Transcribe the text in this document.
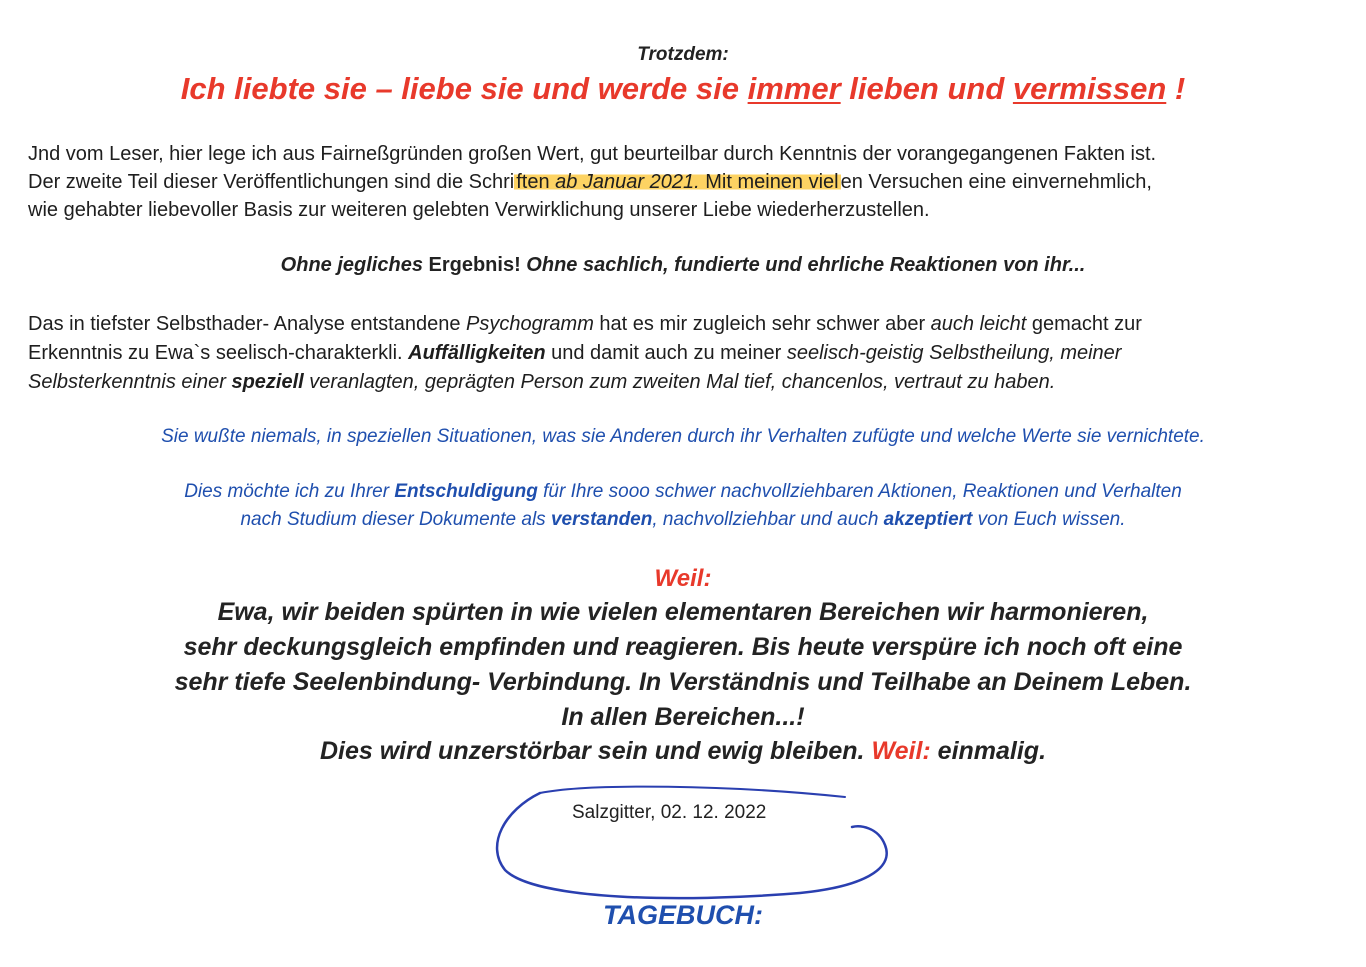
Trotzdem:

Ich liebte sie – liebe sie und werde sie immer lieben und vermissen !

Jnd vom Leser, hier lege ich aus Fairneßgründen großen Wert, gut beurteilbar durch Kenntnis der vorangegangenen Fakten ist.

Der zweite Teil dieser Veröffentlichungen sind die Schri ften ab Januar 2021. Mit meinen viel en Versuchen eine einvernehmlich,

wie gehabter liebevoller Basis zur weiteren gelebten Verwirklichung unserer Liebe wiederherzustellen.

Ohne jegliches Ergebnis! Ohne sachlich, fundierte und ehrliche Reaktionen von ihr...

Das in tiefster Selbsthader- Analyse entstandene Psychogramm hat es mir zugleich sehr schwer aber auch leicht gemacht zur

Erkenntnis zu Ewa`s seelisch-charakterkli. Auffälligkeiten und damit auch zu meiner seelisch-geistig Selbstheilung, meiner

Selbsterkenntnis einer speziell veranlagten, geprägten Person zum zweiten Mal tief, chancenlos, vertraut zu haben.

Sie wußte niemals, in speziellen Situationen, was sie Anderen durch ihr Verhalten zufügte und welche Werte sie vernichtete.

Dies möchte ich zu Ihrer Entschuldigung für Ihre sooo schwer nachvollziehbaren Aktionen, Reaktionen und Verhalten

nach Studium dieser Dokumente als verstanden, nachvollziehbar und auch akzeptiert von Euch wissen.

Weil:

Ewa, wir beiden spürten in wie vielen elementaren Bereichen wir harmonieren,

sehr deckungsgleich empfinden und reagieren. Bis heute verspüre ich noch oft eine

sehr tiefe Seelenbindung- Verbindung. In Verständnis und Teilhabe an Deinem Leben.

In allen Bereichen...!

Dies wird unzerstörbar sein und ewig bleiben. Weil: einmalig.

Salzgitter, 02. 12. 2022

TAGEBUCH:
